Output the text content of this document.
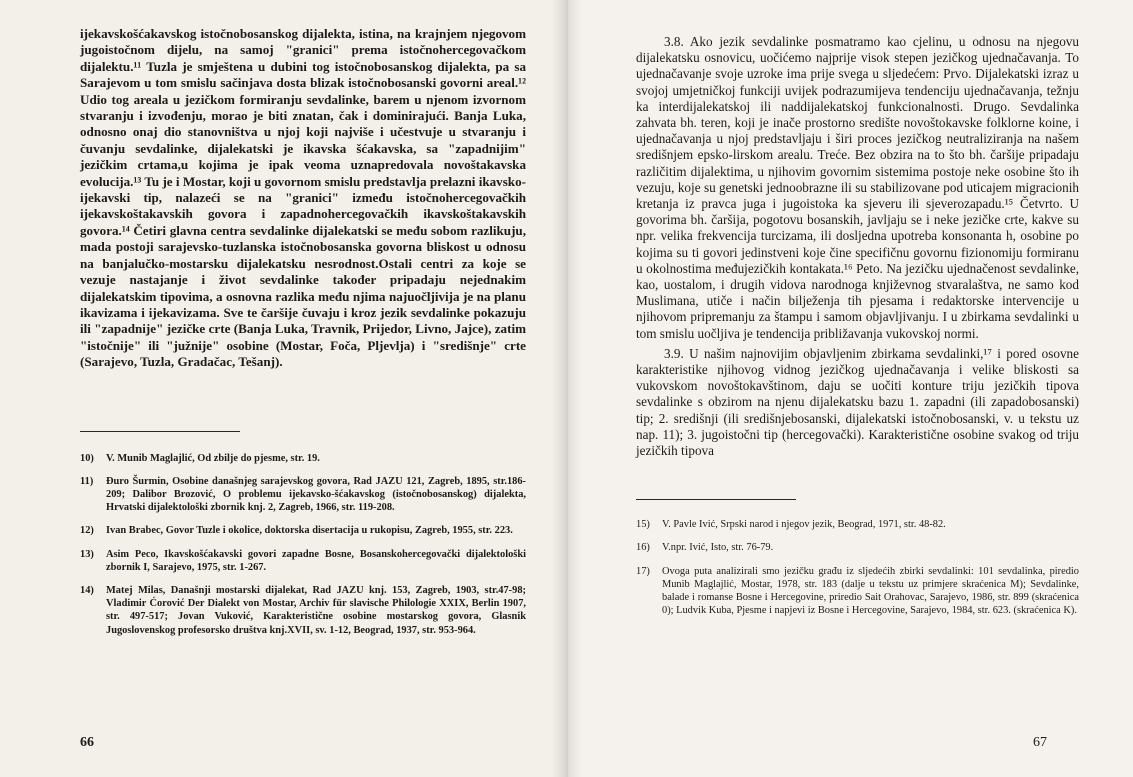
ijekavskošćakavskog istočnobosanskog dijalekta, istina, na krajnjem njegovom jugoistočnom dijelu, na samoj "granici" prema istočnohercegovačkom dijalektu.¹¹ Tuzla je smještena u dubini tog istočnobosanskog dijalekta, pa sa Sarajevom u tom smislu sačinjava dosta blizak istočnobosanski govorni areal.¹² Udio tog areala u jezičkom formiranju sevdalinke, barem u njenom izvornom stvaranju i izvođenju, morao je biti znatan, čak i dominirajući. Banja Luka, odnosno onaj dio stanovništva u njoj koji najviše i učestvuje u stvaranju i čuvanju sevdalinke, dijalekatski je ikavska šćakavska, sa "zapadnijim" jezičkim crtama,u kojima je ipak veoma uznapredovala novoštakavska evolucija.¹³ Tu je i Mostar, koji u govornom smislu predstavlja prelazni ikavsko-ijekavski tip, nalazeći se na "granici" između istočnohercegovačkih ijekavskoštakavskih govora i zapadnohercegovačkih ikavskoštakavskih govora.¹⁴ Četiri glavna centra sevdalinke dijalekatski se među sobom razlikuju, mada postoji sarajevsko-tuzlanska istočnobosanska govorna bliskost u odnosu na banjalučko-mostarsku dijalekatsku nesrodnost.Ostali centri za koje se vezuje nastajanje i život sevdalinke također pripadaju nejednakim dijalekatskim tipovima, a osnovna razlika među njima najuočljivija je na planu ikavizama i ijekavizama. Sve te čaršije čuvaju i kroz jezik sevdalinke pokazuju ili "zapadnije" jezičke crte (Banja Luka, Travnik, Prijedor, Livno, Jajce), zatim "istočnije" ili "južnije" osobine (Mostar, Foča, Pljevlja) i "središnje" crte (Sarajevo, Tuzla, Gradačac, Tešanj).

10)	V. Munib Maglajlić, Od zbilje do pjesme, str. 19.
11)	Đuro Šurmin, Osobine današnjeg sarajevskog govora, Rad JAZU 121, Zagreb, 1895, str.186-209; Dalibor Brozović, O problemu ijekavsko-šćakavskog (istočnobosanskog) dijalekta, Hrvatski dijalektološki zbornik knj. 2, Zagreb, 1966, str. 119-208.
12)	Ivan Brabec, Govor Tuzle i okolice, doktorska disertacija u rukopisu, Zagreb, 1955, str. 223.
13)	Asim Peco, Ikavskošćakavski govori zapadne Bosne, Bosanskohercegovački dijalektološki zbornik I, Sarajevo, 1975, str. 1-267.
14)	Matej Milas, Današnji mostarski dijalekat, Rad JAZU knj. 153, Zagreb, 1903, str.47-98; Vladimir Ćorović Der Dialekt von Mostar, Archiv für slavische Philologie XXIX, Berlin 1907, str. 497-517; Jovan Vuković, Karakteristične osobine mostarskog govora, Glasnik Jugoslovenskog profesorsko društva knj.XVII, sv. 1-12, Beograd, 1937, str. 953-964.
66

3.8. Ako jezik sevdalinke posmatramo kao cjelinu, u odnosu na njegovu dijalekatsku osnovicu, uočićemo najprije visok stepen jezičkog ujednačavanja. To ujednačavanje svoje uzroke ima prije svega u sljedećem: Prvo. Dijalekatski izraz u svojoj umjetničkoj funkciji uvijek podrazumijeva tendenciju ujednačavanja, težnju ka interdijalekatskoj ili naddijalekatskoj funkcionalnosti. Drugo. Sevdalinka zahvata bh. teren, koji je inače prostorno središte novoštokavske folklorne koine, i ujednačavanja u njoj predstavljaju i širi proces jezičkog neutraliziranja na našem središnjem epsko-lirskom arealu. Treće. Bez obzira na to što bh. čaršije pripadaju različitim dijalektima, u njihovim govornim sistemima postoje neke osobine što ih vezuju, koje su genetski jednoobrazne ili su stabilizovane pod uticajem migracionih kretanja iz pravca juga i jugoistoka ka sjeveru ili sjeverozapadu.¹⁵ Četvrto. U govorima bh. čaršija, pogotovu bosanskih, javljaju se i neke jezičke crte, kakve su npr. velika frekvencija turcizama, ili dosljedna upotreba konsonanta h, osobine po kojima su ti govori jedinstveni koje čine specifičnu govornu fizionomiju formiranu u okolnostima međujezičkih kontakata.¹⁶ Peto. Na jezičku ujednačenost sevdalinke, kao, uostalom, i drugih vidova narodnoga književnog stvaralaštva, ne samo kod Muslimana, utiče i način bilježenja tih pjesama i redaktorske intervencije u njihovom pripremanju za štampu i samom objavljivanju. I u zbirkama sevdalinki u tom smislu uočljiva je tendencija približavanja vukovskoj normi.

3.9. U našim najnovijim objavljenim zbirkama sevdalinki,¹⁷ i pored osovne karakteristike njihovog vidnog jezičkog ujednačavanja i velike bliskosti sa vukovskom novoštokavštinom, daju se uočiti konture triju jezičkih tipova sevdalinke s obzirom na njenu dijalekatsku bazu 1. zapadni (ili zapadobosanski) tip; 2. središnji (ili središnjebosanski, dijalekatski istočnobosanski, v. u tekstu uz nap. 11); 3. jugoistočni tip (hercegovački). Karakteristične osobine svakog od triju jezičkih tipova

15)	V. Pavle Ivić, Srpski narod i njegov jezik, Beograd, 1971, str. 48-82.
16)	V.npr. Ivić, Isto, str. 76-79.
17)	Ovoga puta analizirali smo jezičku građu iz sljedećih zbirki sevdalinki: 101 sevdalinka, piredio Munib Maglajlić, Mostar, 1978, str. 183 (dalje u tekstu uz primjere skraćenica M); Sevdalinke, balade i romanse Bosne i Hercegovine, priredio Sait Orahovac, Sarajevo, 1986, str. 899 (skraćenica 0); Ludvik Kuba, Pjesme i napjevi iz Bosne i Hercegovine, Sarajevo, 1984, str. 623. (skraćenica K).
67
